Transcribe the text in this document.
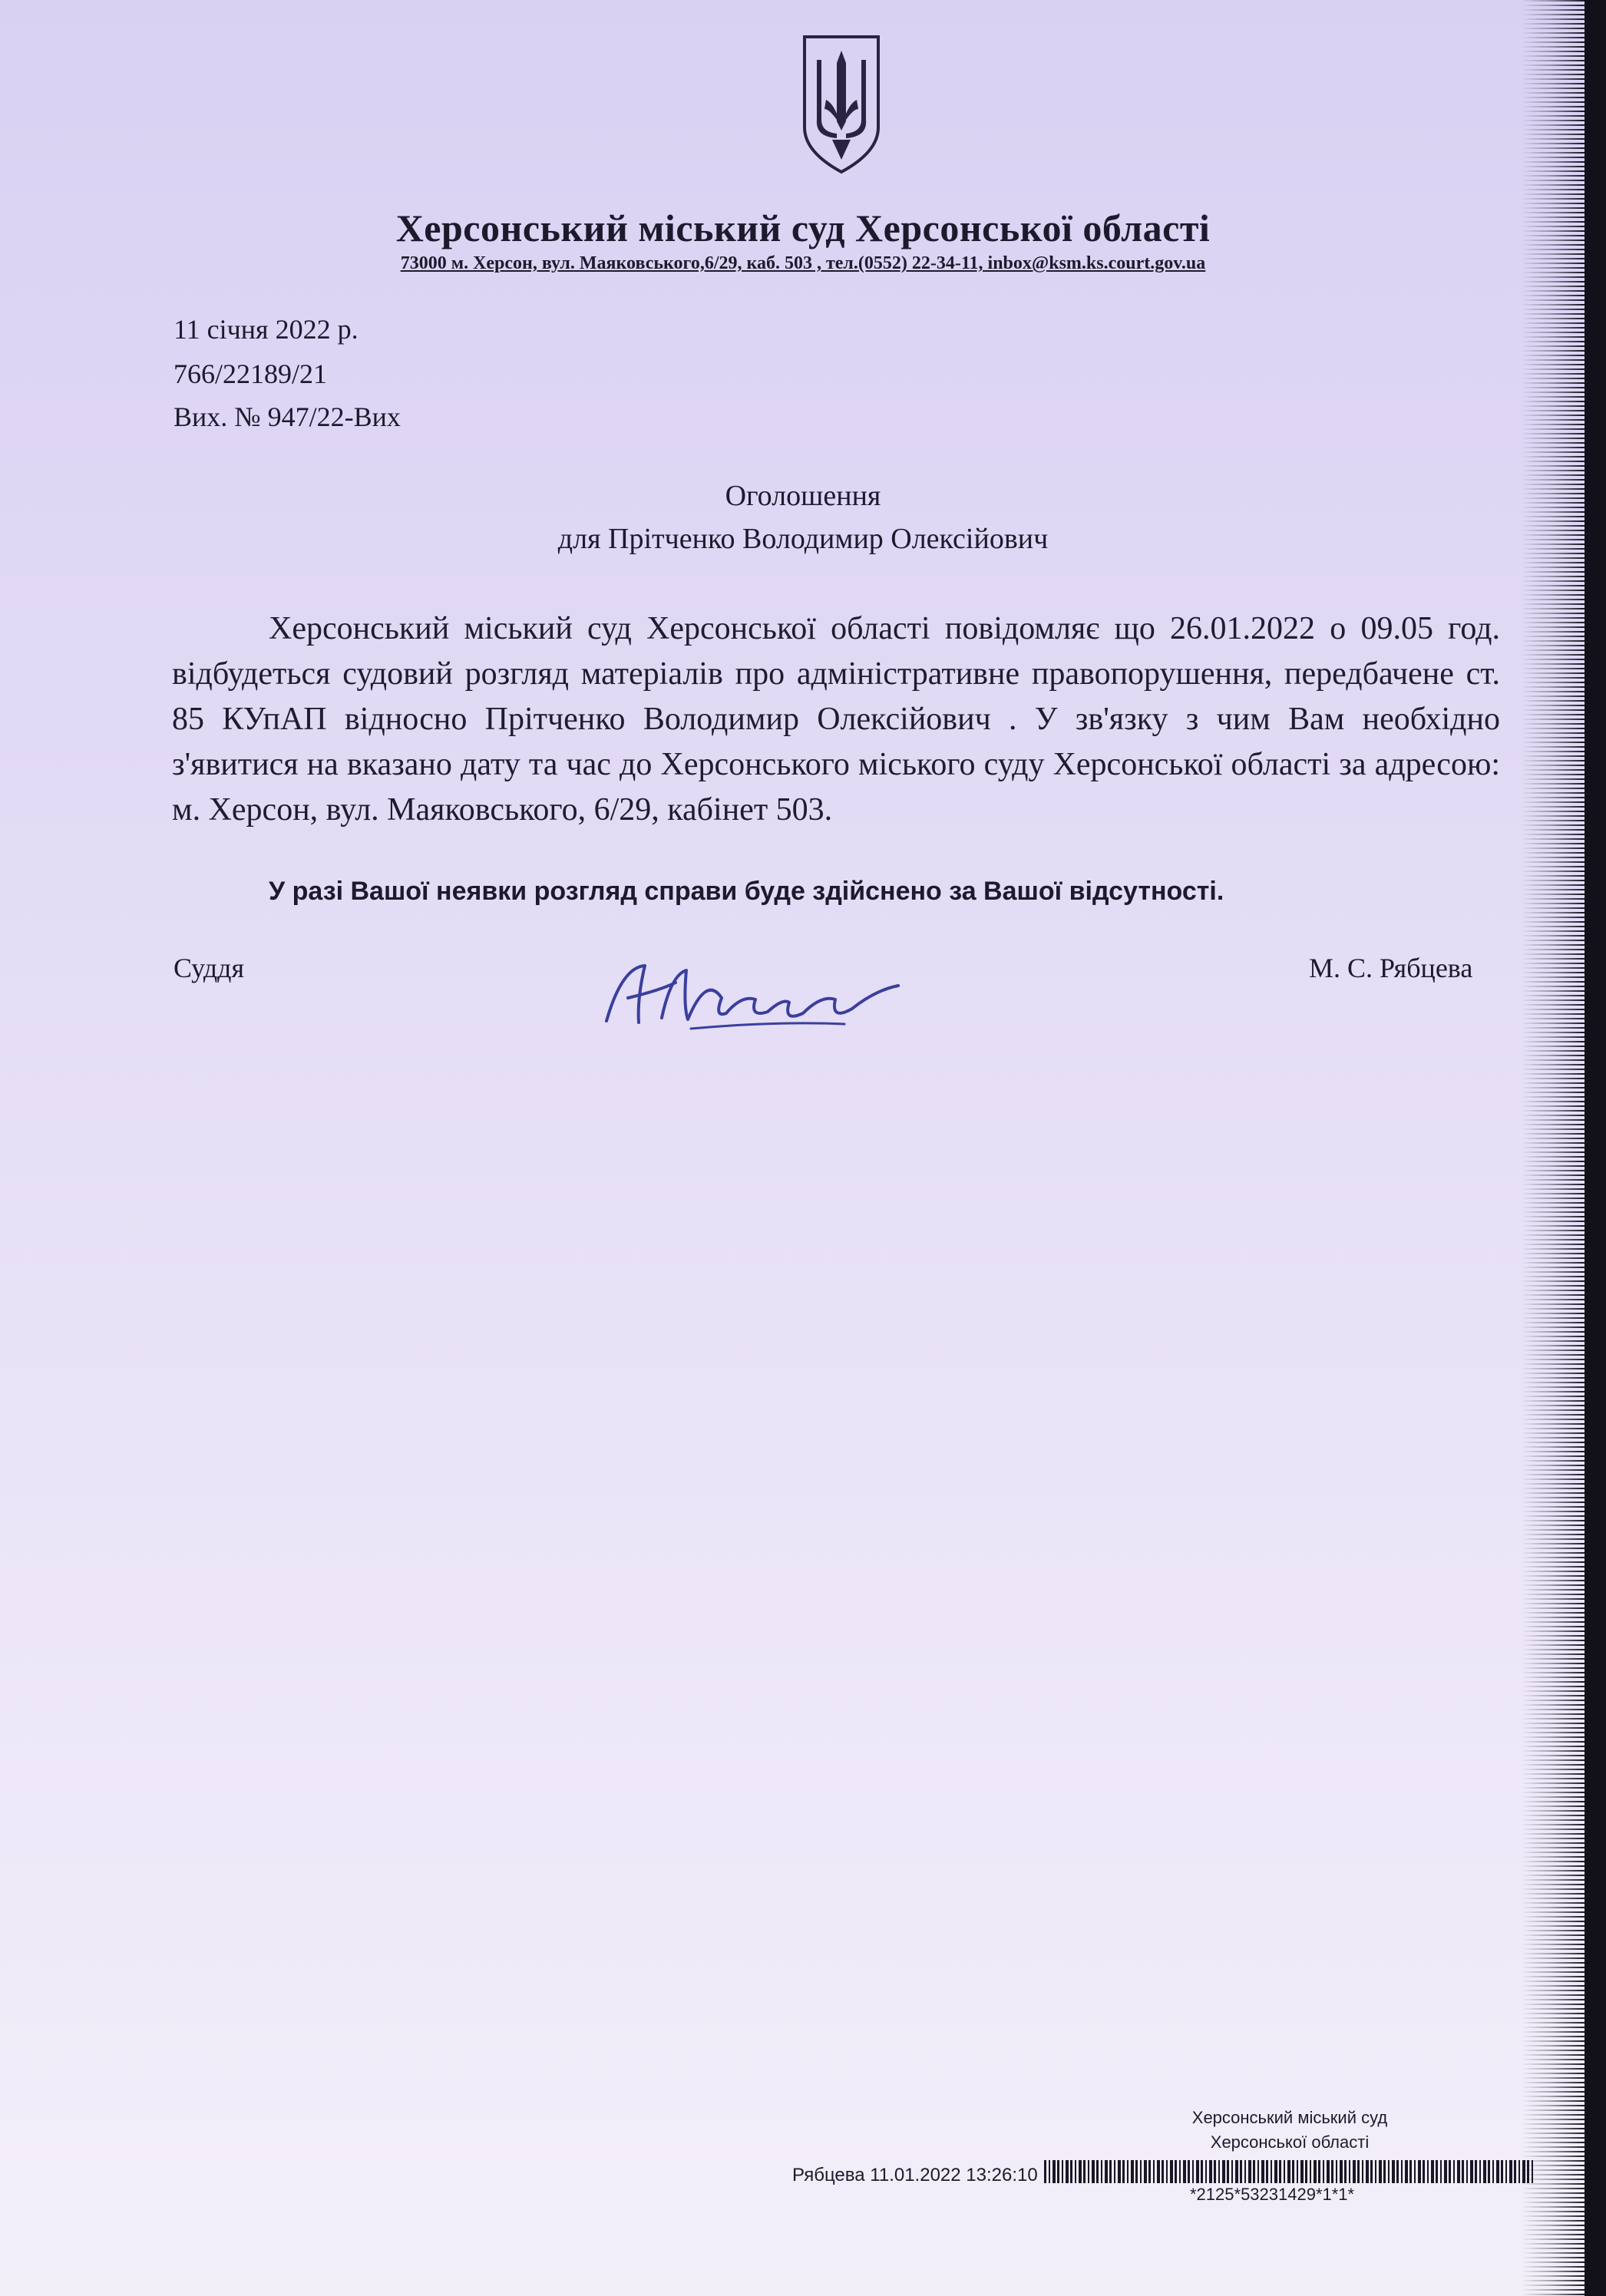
Херсонський міський суд Херсонської області
73000 м. Херсон, вул. Маяковського,6/29, каб. 503 , тел.(0552) 22-34-11, inbox@ksm.ks.court.gov.ua
11 січня 2022 р.
766/22189/21
Вих. № 947/22-Вих
Оголошення
для Прітченко Володимир Олексійович
Херсонський міський суд Херсонської області повідомляє що 26.01.2022 о 09.05 год. відбудеться судовий розгляд матеріалів про адміністративне правопорушення, передбачене ст. 85 КУпАП відносно Прітченко Володимир Олексійович . У зв'язку з чим Вам необхідно з'явитися на вказано дату та час до Херсонського міського суду Херсонської області за адресою: м. Херсон, вул. Маяковського, 6/29, кабінет 503.
У разі Вашої неявки розгляд справи буде здійснено за Вашої відсутності.
Суддя	М. С. Рябцева
Херсонський міський суд
Херсонської області
Рябцева 11.01.2022 13:26:10
*2125*53231429*1*1*
